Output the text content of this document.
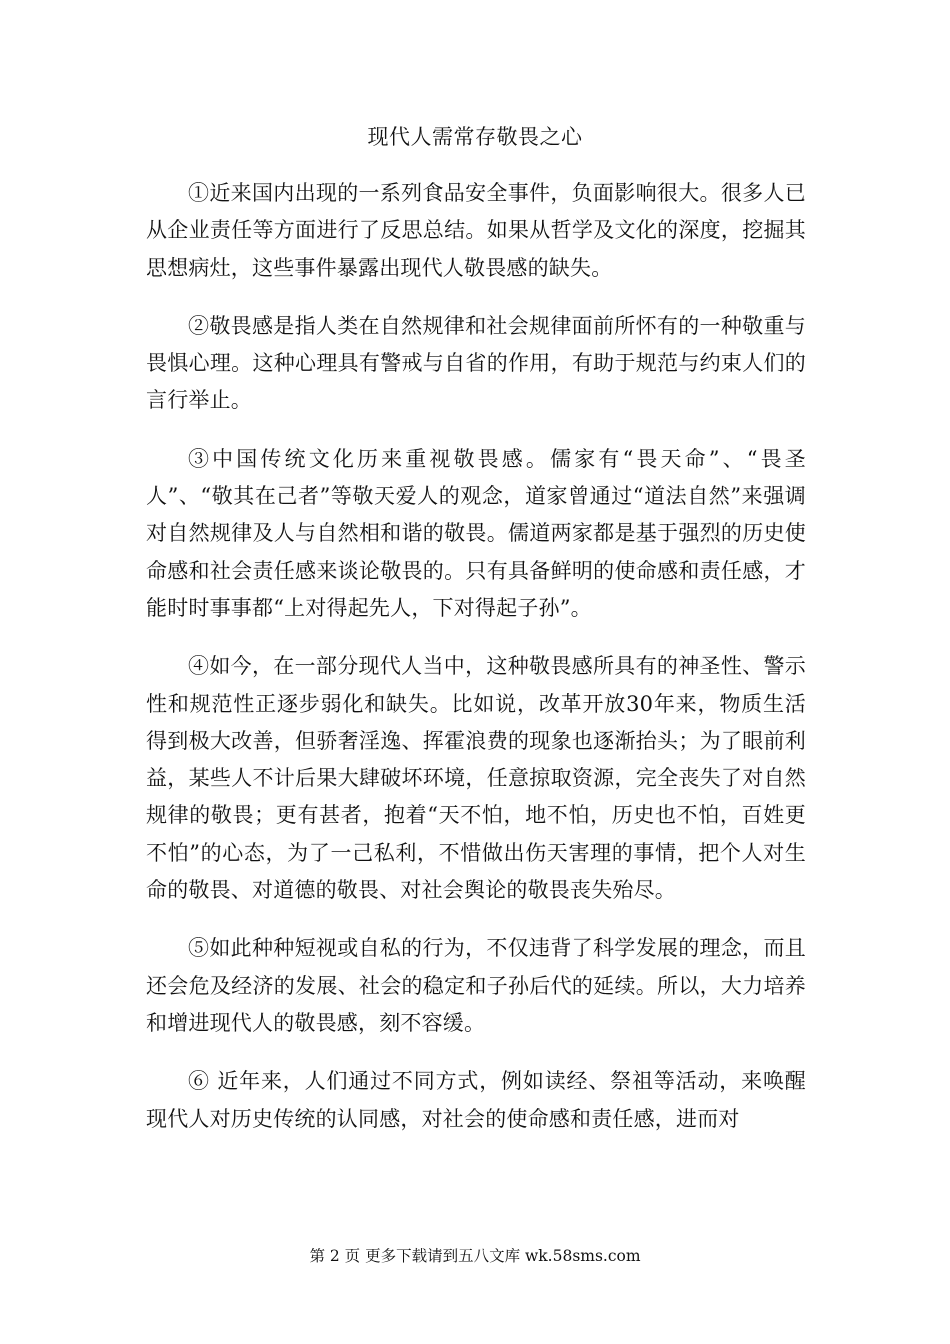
现代人需常存敬畏之心

①近来国内出现的一系列食品安全事件，负面影响很大。很多人已从企业责任等方面进行了反思总结。如果从哲学及文化的深度，挖掘其思想病灶，这些事件暴露出现代人敬畏感的缺失。

②敬畏感是指人类在自然规律和社会规律面前所怀有的一种敬重与畏惧心理。这种心理具有警戒与自省的作用，有助于规范与约束人们的言行举止。

③中国传统文化历来重视敬畏感。儒家有“畏天命”、“畏圣人”、“敬其在己者”等敬天爱人的观念，道家曾通过“道法自然”来强调对自然规律及人与自然相和谐的敬畏。儒道两家都是基于强烈的历史使命感和社会责任感来谈论敬畏的。只有具备鲜明的使命感和责任感，才能时时事事都“上对得起先人，下对得起子孙”。

④如今，在一部分现代人当中，这种敬畏感所具有的神圣性、警示性和规范性正逐步弱化和缺失。比如说，改革开放30年来，物质生活得到极大改善，但骄奢淫逸、挥霍浪费的现象也逐渐抬头；为了眼前利益，某些人不计后果大肆破坏环境，任意掠取资源，完全丧失了对自然规律的敬畏；更有甚者，抱着“天不怕，地不怕，历史也不怕，百姓更不怕”的心态，为了一己私利，不惜做出伤天害理的事情，把个人对生命的敬畏、对道德的敬畏、对社会舆论的敬畏丧失殆尽。

⑤如此种种短视或自私的行为，不仅违背了科学发展的理念，而且还会危及经济的发展、社会的稳定和子孙后代的延续。所以，大力培养和增进现代人的敬畏感，刻不容缓。

⑥ 近年来，人们通过不同方式，例如读经、祭祖等活动，来唤醒现代人对历史传统的认同感，对社会的使命感和责任感，进而对

第 2 页 更多下载请到五八文库 wk.58sms.com
